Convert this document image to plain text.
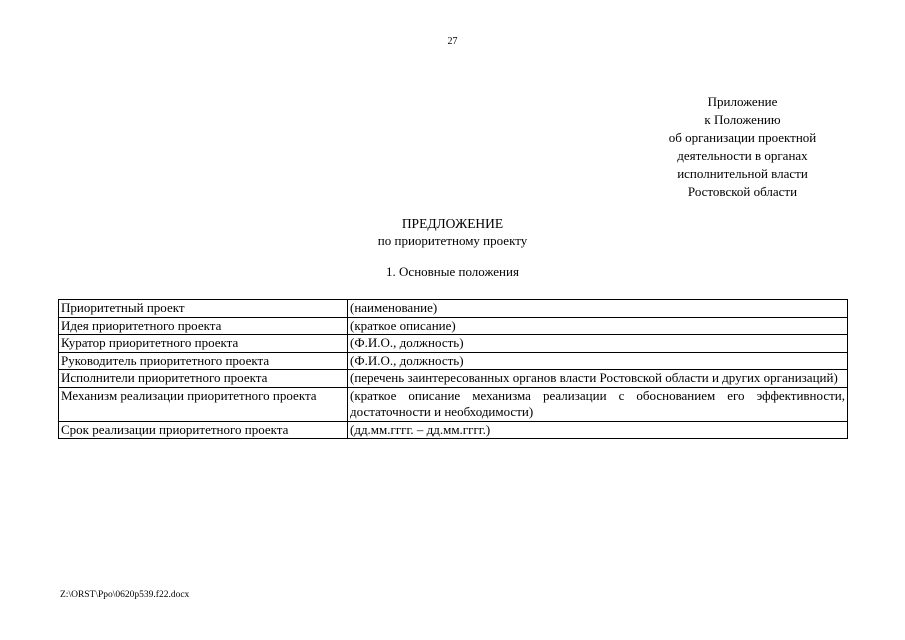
27
Приложение
к Положению
об организации проектной
деятельности в органах
исполнительной власти
Ростовской области
ПРЕДЛОЖЕНИЕ
по приоритетному проекту
1. Основные положения
Приоритетный проект	(наименование)
Идея приоритетного проекта	(краткое описание)
Куратор приоритетного проекта	(Ф.И.О., должность)
Руководитель приоритетного проекта	(Ф.И.О., должность)
Исполнители приоритетного проекта	(перечень заинтересованных органов власти Ростовской области и других организаций)
Механизм реализации приоритетного проекта	(краткое описание механизма реализации с обоснованием его эффективности, достаточности и необходимости)
Срок реализации приоритетного проекта	(дд.мм.гггг. – дд.мм.гггг.)
Z:\ORST\Ppo\0620p539.f22.docx
